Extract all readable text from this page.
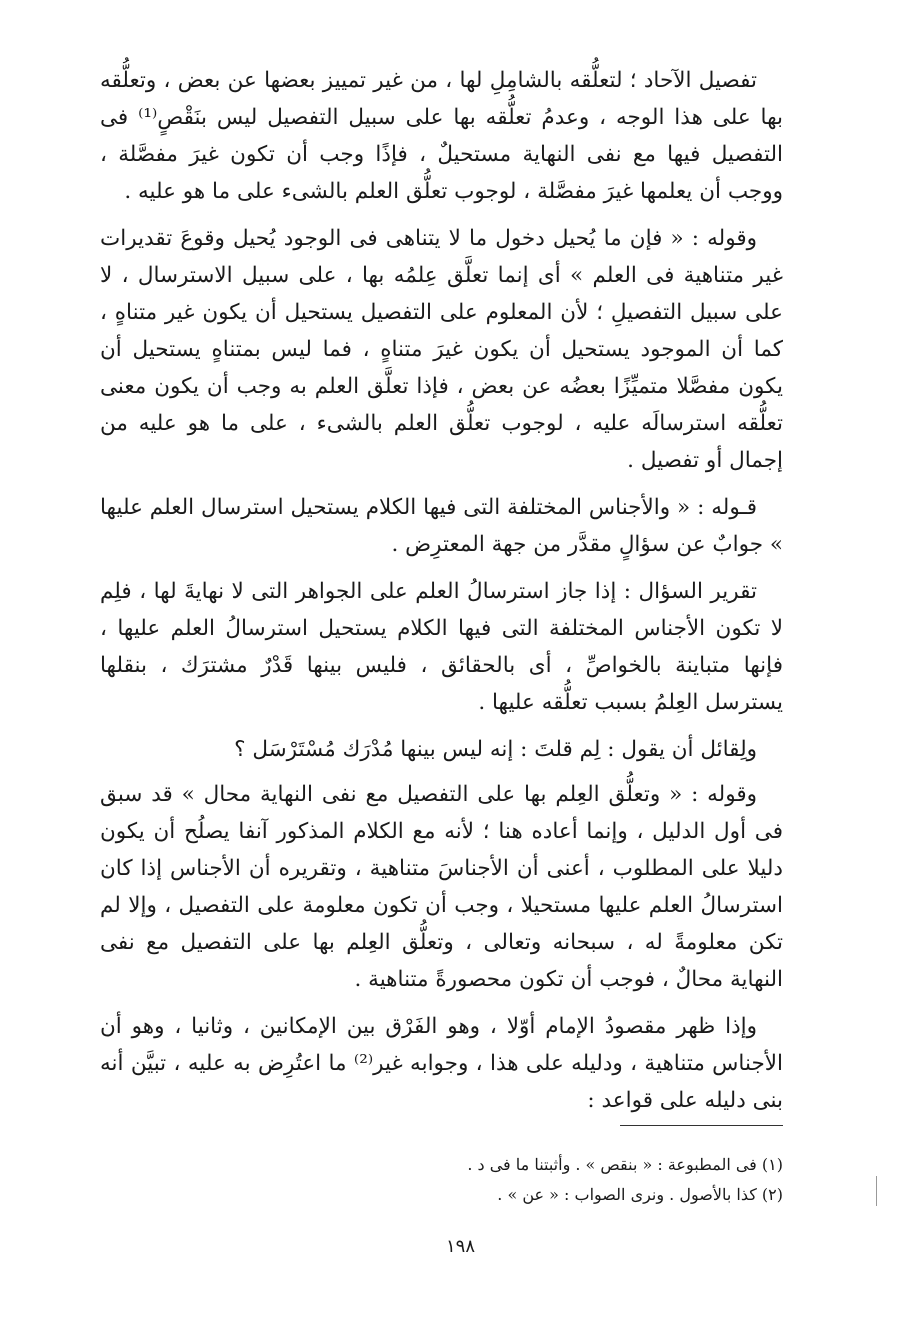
تفصيل الآحاد ؛ لتعلُّقه بالشامِلِ لها ، من غير تمييز بعضها عن بعض ، وتعلُّقه بها على هذا الوجه ، وعدمُ تعلُّقه بها على سبيل التفصيل ليس بنَقْصٍ⁽¹⁾ فى التفصيل فيها مع نفى النهاية مستحيلٌ ، فإذًا وجب أن تكون غيرَ مفصَّلة ، ووجب أن يعلمها غيرَ مفصَّلة ، لوجوب تعلُّق العلم بالشىء على ما هو عليه .

وقوله : « فإن ما يُحيل دخول ما لا يتناهى فى الوجود يُحيل وقوعَ تقديرات غير متناهية فى العلم » أى إنما تعلَّق عِلمُه بها ، على سبيل الاسترسال ، لا على سبيل التفصيلِ ؛ لأن المعلوم على التفصيل يستحيل أن يكون غير متناهٍ ، كما أن الموجود يستحيل أن يكون غيرَ متناهٍ ، فما ليس بمتناهٍ يستحيل أن يكون مفصَّلا متميِّزًا بعضُه عن بعض ، فإذا تعلَّق العلم به وجب أن يكون معنى تعلُّقه استرسالَه عليه ، لوجوب تعلُّق العلم بالشىء ، على ما هو عليه من إجمال أو تفصيل .

قـوله : « والأجناس المختلفة التى فيها الكلام يستحيل استرسال العلم عليها » جوابٌ عن سؤالٍ مقدَّر من جهة المعترِض .

تقرير السؤال : إذا جاز استرسالُ العلم على الجواهر التى لا نهايةَ لها ، فلِم لا تكون الأجناس المختلفة التى فيها الكلام يستحيل استرسالُ العلم عليها ، فإنها متباينة بالخواصِّ ، أى بالحقائق ، فليس بينها قَدْرٌ مشترَك ، بنقلها يسترسل العِلمُ بسبب تعلُّقه عليها .

ولِقائل أن يقول : لِم قلتَ : إنه ليس بينها مُدْرَك مُسْتَرْسَل ؟

وقوله : « وتعلُّق العِلم بها على التفصيل مع نفى النهاية محال » قد سبق فى أول الدليل ، وإنما أعاده هنا ؛ لأنه مع الكلام المذكور آنفا يصلُح أن يكون دليلا على المطلوب ، أعنى أن الأجناسَ متناهية ، وتقريره أن الأجناس إذا كان استرسالُ العلم عليها مستحيلا ، وجب أن تكون معلومة على التفصيل ، وإلا لم تكن معلومةً له ، سبحانه وتعالى ، وتعلُّق العِلم بها على التفصيل مع نفى النهاية محالٌ ، فوجب أن تكون محصورةً متناهية .

وإذا ظهر مقصودُ الإمام أوّلا ، وهو الفَرْق بين الإمكانين ، وثانيا ، وهو أن الأجناس متناهية ، ودليله على هذا ، وجوابه غير⁽²⁾ ما اعتُرِض به عليه ، تبيَّن أنه بنى دليله على قواعد :

(١) فى المطبوعة : « بنقص » . وأثبتنا ما فى د .

(٢) كذا بالأصول . ونرى الصواب : « عن » .

١٩٨
